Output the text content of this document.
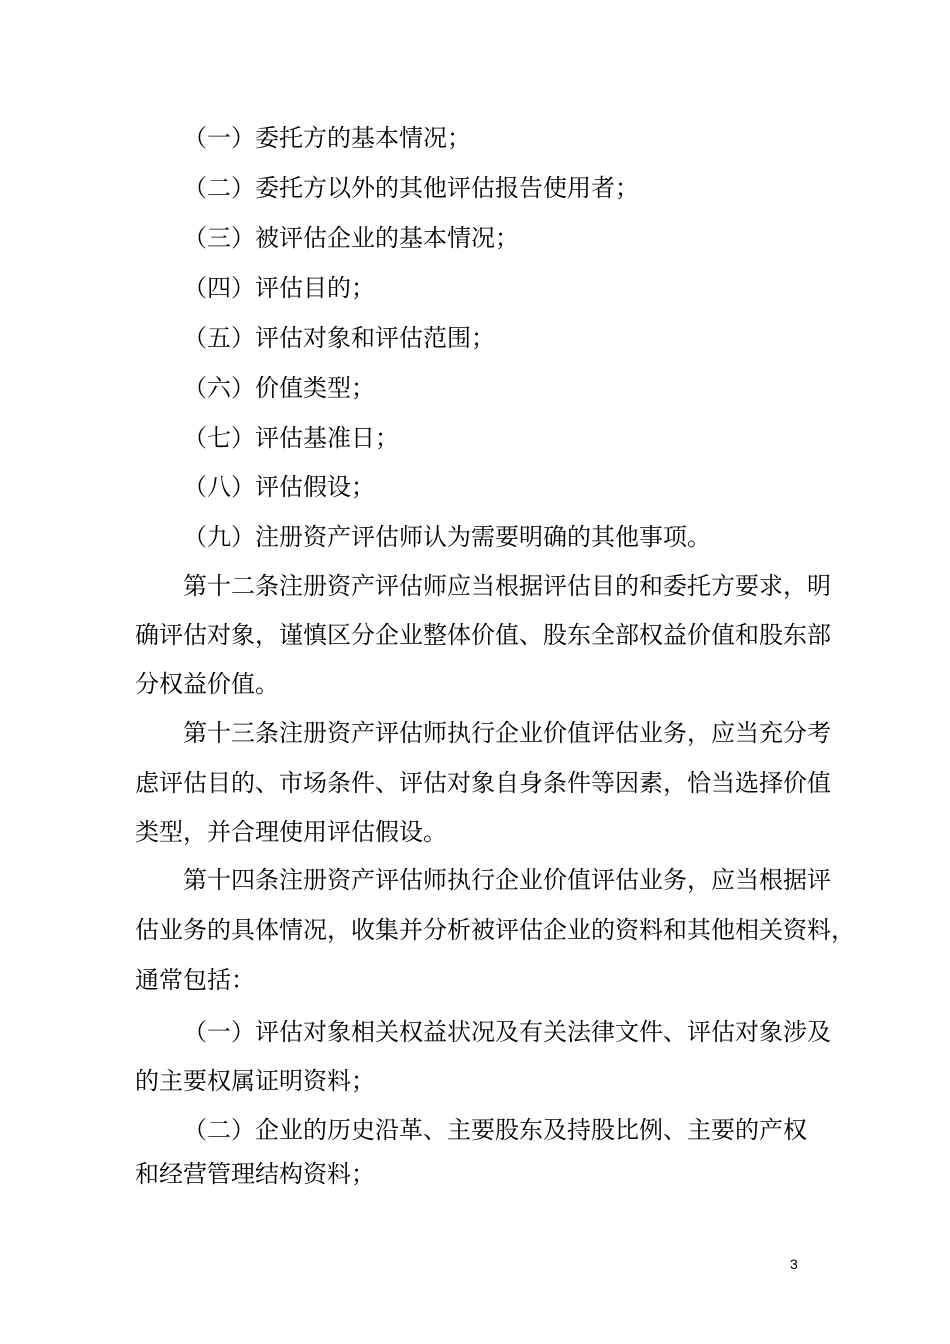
（一）委托方的基本情况；
（二）委托方以外的其他评估报告使用者；
（三）被评估企业的基本情况；
（四）评估目的；
（五）评估对象和评估范围；
（六）价值类型；
（七）评估基准日；
（八）评估假设；
（九）注册资产评估师认为需要明确的其他事项。
第十二条注册资产评估师应当根据评估目的和委托方要求，明
确评估对象，谨慎区分企业整体价值、股东全部权益价值和股东部
分权益价值。
第十三条注册资产评估师执行企业价值评估业务，应当充分考
虑评估目的、市场条件、评估对象自身条件等因素，恰当选择价值
类型，并合理使用评估假设。
第十四条注册资产评估师执行企业价值评估业务，应当根据评
估业务的具体情况，收集并分析被评估企业的资料和其他相关资料，
通常包括：
（一）评估对象相关权益状况及有关法律文件、评估对象涉及
的主要权属证明资料；
（二）企业的历史沿革、主要股东及持股比例、主要的产权
和经营管理结构资料；
3
